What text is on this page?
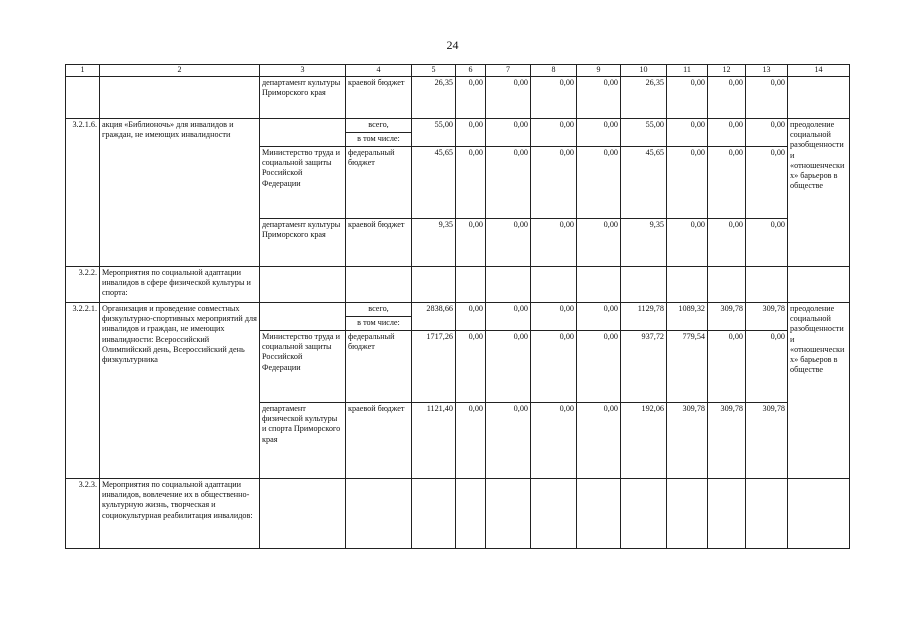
24
1	2	3	4	5	6	7	8	9	10	11	12	13	14
		департамент культуры Приморского края	краевой бюджет	26,35	0,00	0,00	0,00	0,00	26,35	0,00	0,00	0,00	
3.2.1.6.	акция «Библионочь» для инвалидов и граждан, не имеющих инвалидности		всего,	55,00	0,00	0,00	0,00	0,00	55,00	0,00	0,00	0,00	преодоление социальной разобщенности и «отношенческих» барьеров в обществе
			в том числе:										
		Министерство труда и социальной защиты Российской Федерации	федеральный бюджет	45,65	0,00	0,00	0,00	0,00	45,65	0,00	0,00	0,00	
		департамент культуры Приморского края	краевой бюджет	9,35	0,00	0,00	0,00	0,00	9,35	0,00	0,00	0,00	
3.2.2.	Мероприятия по социальной адаптации инвалидов в сфере физической культуры и спорта:												
3.2.2.1.	Организация и проведение совместных физкультурно-спортивных мероприятий для инвалидов и граждан, не имеющих инвалидности: Всероссийский Олимпийский день, Всероссийский день физкультурника		всего,	2838,66	0,00	0,00	0,00	0,00	1129,78	1089,32	309,78	309,78	преодоление социальной разобщенности и «отношенческих» барьеров в обществе
			в том числе:										
		Министерство труда и социальной защиты Российской Федерации	федеральный бюджет	1717,26	0,00	0,00	0,00	0,00	937,72	779,54	0,00	0,00	
		департамент физической культуры и спорта Приморского края	краевой бюджет	1121,40	0,00	0,00	0,00	0,00	192,06	309,78	309,78	309,78	
3.2.3.	Мероприятия по социальной адаптации инвалидов, вовлечение их в общественно-культурную жизнь, творческая и социокультурная реабилитация инвалидов:												
